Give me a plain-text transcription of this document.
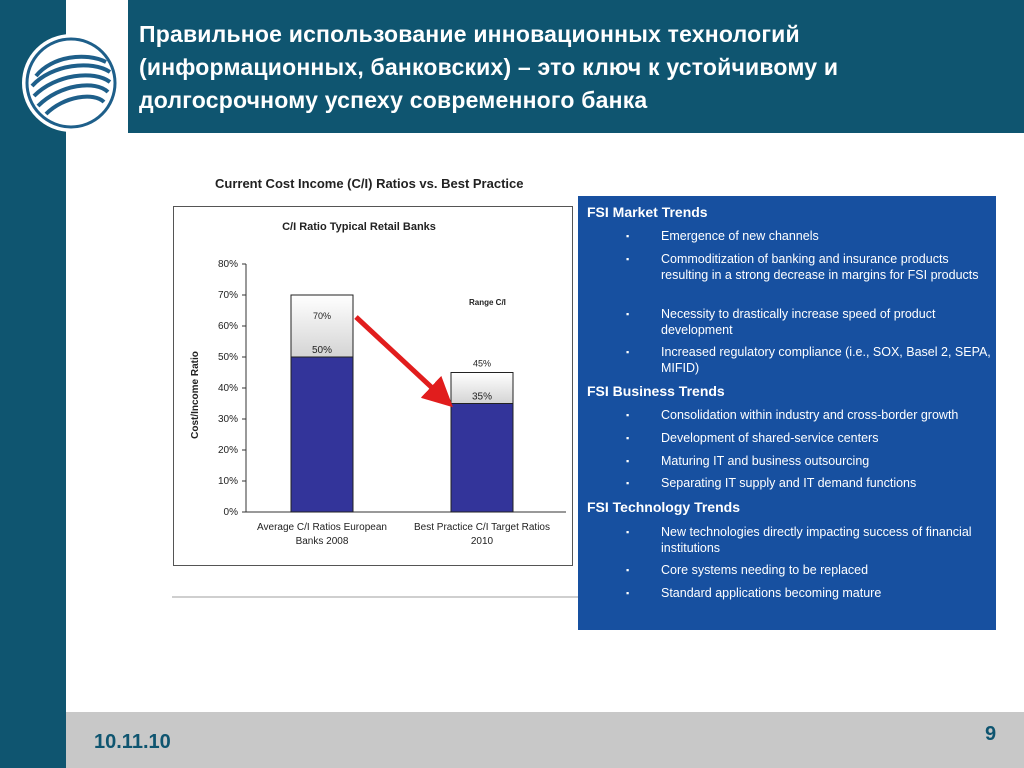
Правильное использование инновационных технологий (информационных, банковских) – это ключ к устойчивому и долгосрочному успеху современного банка
Current Cost Income (C/I) Ratios vs. Best Practice
C/I Ratio Typical Retail Banks
Cost/Income Ratio
Range C/I
0%
10%
20%
30%
40%
50%
60%
70%
80%
50%
70%
Average C/I Ratios European
Banks 2008
35%
45%
Best Practice C/I Target Ratios
2010
FSI Market Trends
▪	Emergence of new channels
▪	Commoditization of banking and insurance products resulting in a strong decrease in margins for FSI products
▪	Necessity to drastically increase speed of product development
▪	Increased regulatory compliance (i.e., SOX, Basel 2, SEPA, MIFID)
FSI Business Trends
▪	Consolidation within industry and cross-border growth
▪	Development of shared-service centers
▪	Maturing IT and business outsourcing
▪	Separating IT supply and IT demand functions
FSI Technology Trends
▪	New technologies directly impacting success of financial institutions
▪	Core systems needing to be replaced
▪	Standard applications becoming mature
10.11.10	9
